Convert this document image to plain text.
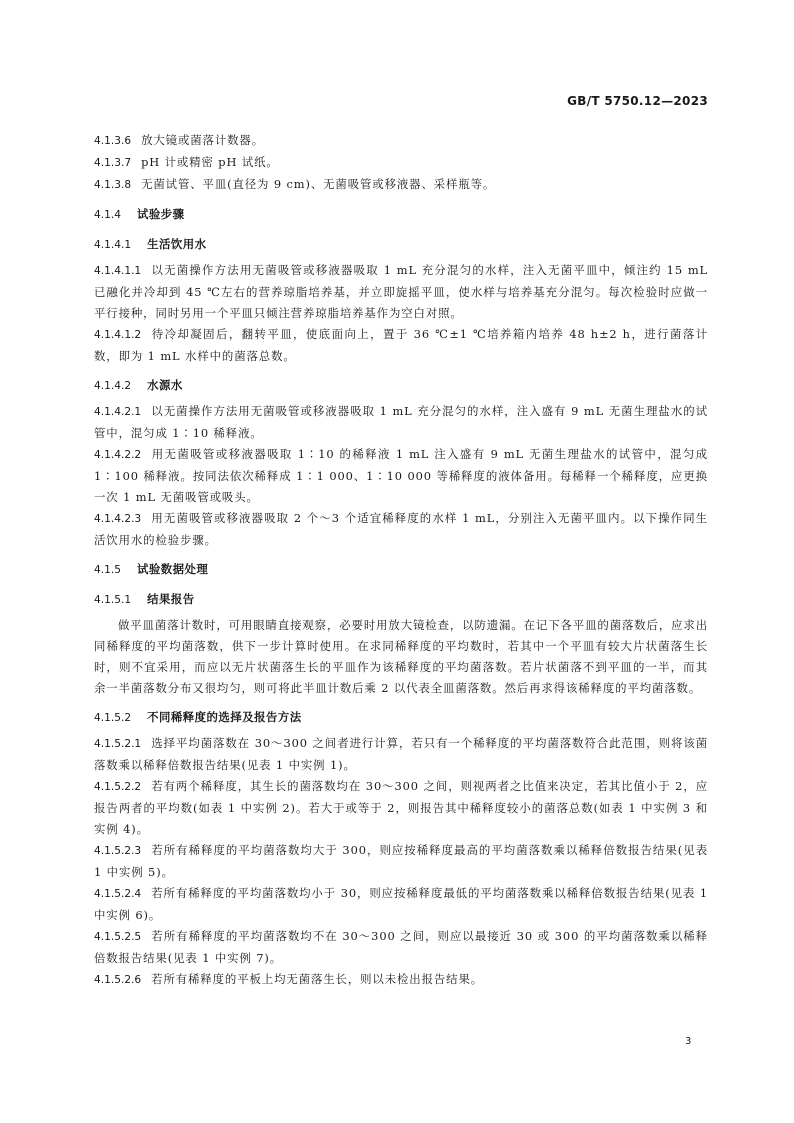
GB/T 5750.12—2023

4.1.3.6 放大镜或菌落计数器。

4.1.3.7 pH 计或精密 pH 试纸。

4.1.3.8 无菌试管、平皿(直径为 9 cm)、无菌吸管或移液器、采样瓶等。

4.1.4 试验步骤
4.1.4.1 生活饮用水

4.1.4.1.1 以无菌操作方法用无菌吸管或移液器吸取 1 mL 充分混匀的水样，注入无菌平皿中，倾注约 15 mL 已融化并冷却到 45 ℃左右的营养琼脂培养基，并立即旋摇平皿，使水样与培养基充分混匀。每次检验时应做一平行接种，同时另用一个平皿只倾注营养琼脂培养基作为空白对照。

4.1.4.1.2 待冷却凝固后，翻转平皿，使底面向上，置于 36 ℃±1 ℃培养箱内培养 48 h±2 h，进行菌落计数，即为 1 mL 水样中的菌落总数。

4.1.4.2 水源水

4.1.4.2.1 以无菌操作方法用无菌吸管或移液器吸取 1 mL 充分混匀的水样，注入盛有 9 mL 无菌生理盐水的试管中，混匀成 1∶10 稀释液。

4.1.4.2.2 用无菌吸管或移液器吸取 1∶10 的稀释液 1 mL 注入盛有 9 mL 无菌生理盐水的试管中，混匀成 1∶100 稀释液。按同法依次稀释成 1∶1 000、1∶10 000 等稀释度的液体备用。每稀释一个稀释度，应更换一次 1 mL 无菌吸管或吸头。

4.1.4.2.3 用无菌吸管或移液器吸取 2 个～3 个适宜稀释度的水样 1 mL，分别注入无菌平皿内。以下操作同生活饮用水的检验步骤。

4.1.5 试验数据处理
4.1.5.1 结果报告

做平皿菌落计数时，可用眼睛直接观察，必要时用放大镜检查，以防遗漏。在记下各平皿的菌落数后，应求出同稀释度的平均菌落数，供下一步计算时使用。在求同稀释度的平均数时，若其中一个平皿有较大片状菌落生长时，则不宜采用，而应以无片状菌落生长的平皿作为该稀释度的平均菌落数。若片状菌落不到平皿的一半，而其余一半菌落数分布又很均匀，则可将此半皿计数后乘 2 以代表全皿菌落数。然后再求得该稀释度的平均菌落数。

4.1.5.2 不同稀释度的选择及报告方法

4.1.5.2.1 选择平均菌落数在 30～300 之间者进行计算，若只有一个稀释度的平均菌落数符合此范围，则将该菌落数乘以稀释倍数报告结果(见表 1 中实例 1)。

4.1.5.2.2 若有两个稀释度，其生长的菌落数均在 30～300 之间，则视两者之比值来决定，若其比值小于 2，应报告两者的平均数(如表 1 中实例 2)。若大于或等于 2，则报告其中稀释度较小的菌落总数(如表 1 中实例 3 和实例 4)。

4.1.5.2.3 若所有稀释度的平均菌落数均大于 300，则应按稀释度最高的平均菌落数乘以稀释倍数报告结果(见表 1 中实例 5)。

4.1.5.2.4 若所有稀释度的平均菌落数均小于 30，则应按稀释度最低的平均菌落数乘以稀释倍数报告结果(见表 1 中实例 6)。

4.1.5.2.5 若所有稀释度的平均菌落数均不在 30～300 之间，则应以最接近 30 或 300 的平均菌落数乘以稀释倍数报告结果(见表 1 中实例 7)。

4.1.5.2.6 若所有稀释度的平板上均无菌落生长，则以未检出报告结果。

3
